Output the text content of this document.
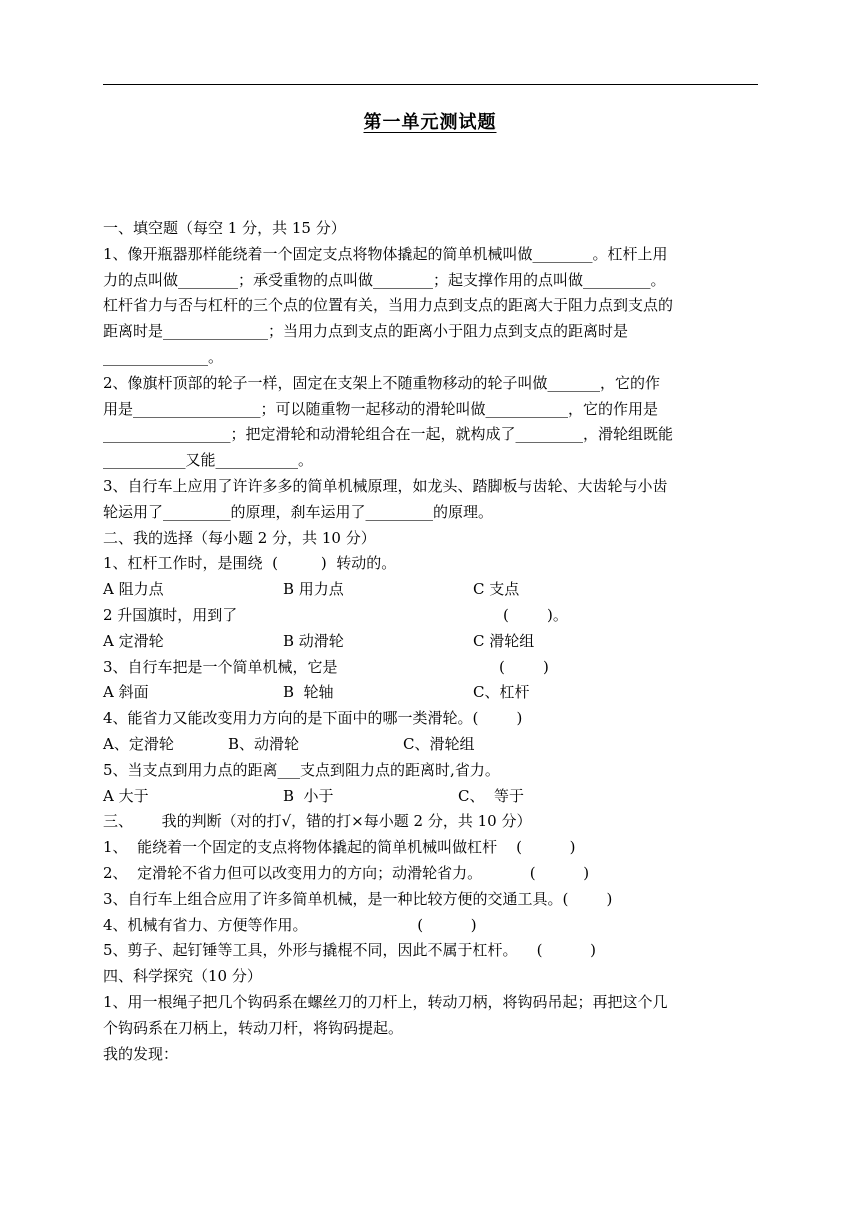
第一单元测试题
一、填空题（每空 1 分，共 15 分）
1、像开瓶器那样能绕着一个固定支点将物体撬起的简单机械叫做________。杠杆上用
力的点叫做________；承受重物的点叫做________；起支撑作用的点叫做_________。
杠杆省力与否与杠杆的三个点的位置有关，当用力点到支点的距离大于阻力点到支点的
距离时是______________；当用力点到支点的距离小于阻力点到支点的距离时是
______________。
2、像旗杆顶部的轮子一样，固定在支架上不随重物移动的轮子叫做_______，它的作
用是_________________；可以随重物一起移动的滑轮叫做___________，它的作用是
_________________；把定滑轮和动滑轮组合在一起，就构成了_________，滑轮组既能
___________又能___________。
3、自行车上应用了许许多多的简单机械原理，如龙头、踏脚板与齿轮、大齿轮与小齿
轮运用了_________的原理，刹车运用了_________的原理。
二、我的选择（每小题 2 分，共 10 分）
1、杠杆工作时，是围绕  (         )  转动的。
A 阻力点	B 用力点	C 支点
2 升国旗时，用到了	(        )。
A 定滑轮	B 动滑轮	C 滑轮组
3、自行车把是一个简单机械，它是	(        )
A 斜面	B  轮轴	C、杠杆
4、能省力又能改变用力方向的是下面中的哪一类滑轮。(        )
A、定滑轮	B、动滑轮	C、滑轮组
5、当支点到用力点的距离___支点到阻力点的距离时,省力。
A 大于	B  小于	C、  等于
三、      我的判断（对的打√，错的打×每小题 2 分，共 10 分）
1、  能绕着一个固定的支点将物体撬起的简单机械叫做杠杆    (          )
2、  定滑轮不省力但可以改变用力的方向；动滑轮省力。          (          )
3、自行车上组合应用了许多简单机械，是一种比较方便的交通工具。(        )
4、机械有省力、方便等作用。                       (          )
5、剪子、起钉锤等工具，外形与撬棍不同，因此不属于杠杆。    (          )
四、科学探究（10 分）
1、用一根绳子把几个钩码系在螺丝刀的刀杆上，转动刀柄，将钩码吊起；再把这个几
个钩码系在刀柄上，转动刀杆，将钩码提起。
我的发现：
